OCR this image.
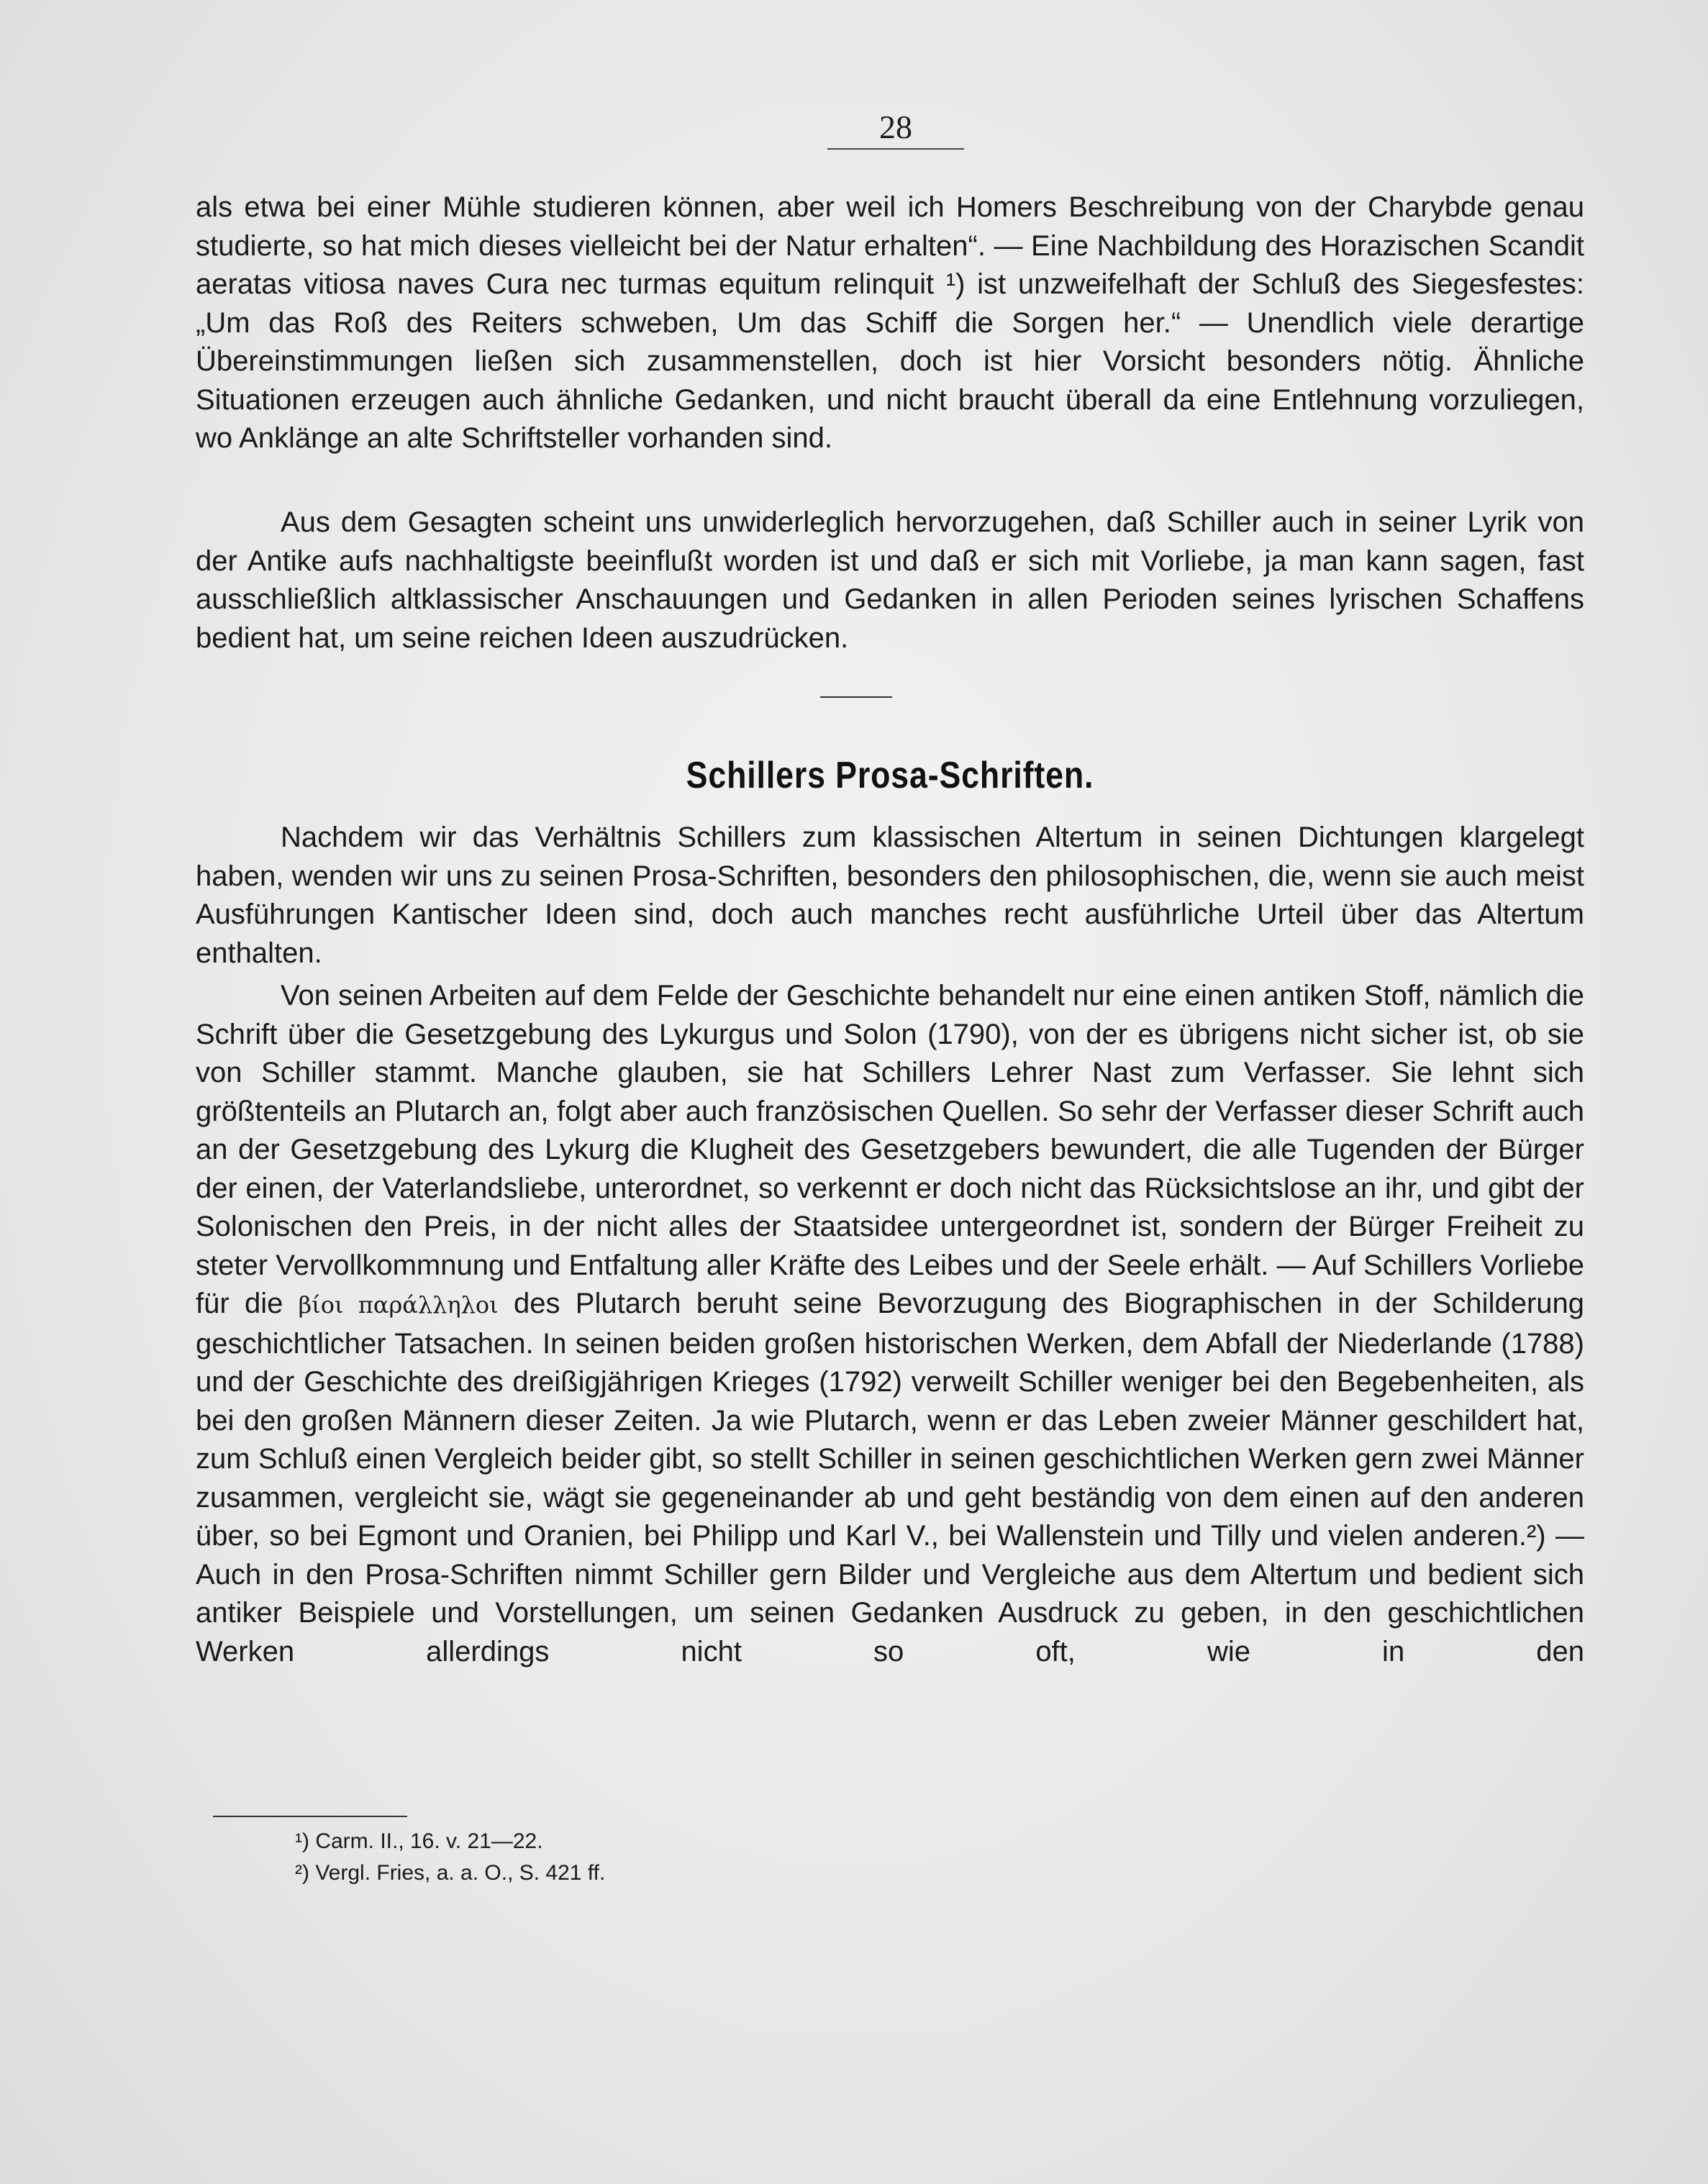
28

als etwa bei einer Mühle studieren können, aber weil ich Homers Beschreibung von der Charybde genau studierte, so hat mich dieses vielleicht bei der Natur erhalten“. — Eine Nachbildung des Horazischen Scandit aeratas vitiosa naves Cura nec turmas equitum relinquit ¹) ist unzweifelhaft der Schluß des Siegesfestes: „Um das Roß des Reiters schweben, Um das Schiff die Sorgen her.“ — Unendlich viele derartige Übereinstimmungen ließen sich zusammenstellen, doch ist hier Vorsicht besonders nötig. Ähnliche Situationen erzeugen auch ähnliche Gedanken, und nicht braucht überall da eine Entlehnung vorzuliegen, wo Anklänge an alte Schriftsteller vorhanden sind.

Aus dem Gesagten scheint uns unwiderleglich hervorzugehen, daß Schiller auch in seiner Lyrik von der Antike aufs nachhaltigste beeinflußt worden ist und daß er sich mit Vorliebe, ja man kann sagen, fast ausschließlich altklassischer Anschauungen und Gedanken in allen Perioden seines lyrischen Schaffens bedient hat, um seine reichen Ideen auszudrücken.

Schillers Prosa-Schriften.

Nachdem wir das Verhältnis Schillers zum klassischen Altertum in seinen Dichtungen klargelegt haben, wenden wir uns zu seinen Prosa-Schriften, besonders den philosophischen, die, wenn sie auch meist Ausführungen Kantischer Ideen sind, doch auch manches recht ausführliche Urteil über das Altertum enthalten.

Von seinen Arbeiten auf dem Felde der Geschichte behandelt nur eine einen antiken Stoff, nämlich die Schrift über die Gesetzgebung des Lykurgus und Solon (1790), von der es übrigens nicht sicher ist, ob sie von Schiller stammt. Manche glauben, sie hat Schillers Lehrer Nast zum Verfasser. Sie lehnt sich größtenteils an Plutarch an, folgt aber auch französischen Quellen. So sehr der Verfasser dieser Schrift auch an der Gesetzgebung des Lykurg die Klugheit des Gesetzgebers bewundert, die alle Tugenden der Bürger der einen, der Vaterlandsliebe, unterordnet, so verkennt er doch nicht das Rücksichtslose an ihr, und gibt der Solonischen den Preis, in der nicht alles der Staatsidee untergeordnet ist, sondern der Bürger Freiheit zu steter Vervollkommnung und Entfaltung aller Kräfte des Leibes und der Seele erhält. — Auf Schillers Vorliebe für die βίοι παράλληλοι des Plutarch beruht seine Bevorzugung des Biographischen in der Schilderung geschichtlicher Tatsachen. In seinen beiden großen historischen Werken, dem Abfall der Niederlande (1788) und der Geschichte des dreißigjährigen Krieges (1792) verweilt Schiller weniger bei den Begebenheiten, als bei den großen Männern dieser Zeiten. Ja wie Plutarch, wenn er das Leben zweier Männer geschildert hat, zum Schluß einen Vergleich beider gibt, so stellt Schiller in seinen geschichtlichen Werken gern zwei Männer zusammen, vergleicht sie, wägt sie gegeneinander ab und geht beständig von dem einen auf den anderen über, so bei Egmont und Oranien, bei Philipp und Karl V., bei Wallenstein und Tilly und vielen anderen.²) — Auch in den Prosa-Schriften nimmt Schiller gern Bilder und Vergleiche aus dem Altertum und bedient sich antiker Beispiele und Vorstellungen, um seinen Gedanken Ausdruck zu geben, in den geschichtlichen Werken allerdings nicht so oft, wie in den

¹) Carm. II., 16. v. 21—22.
²) Vergl. Fries, a. a. O., S. 421 ff.
